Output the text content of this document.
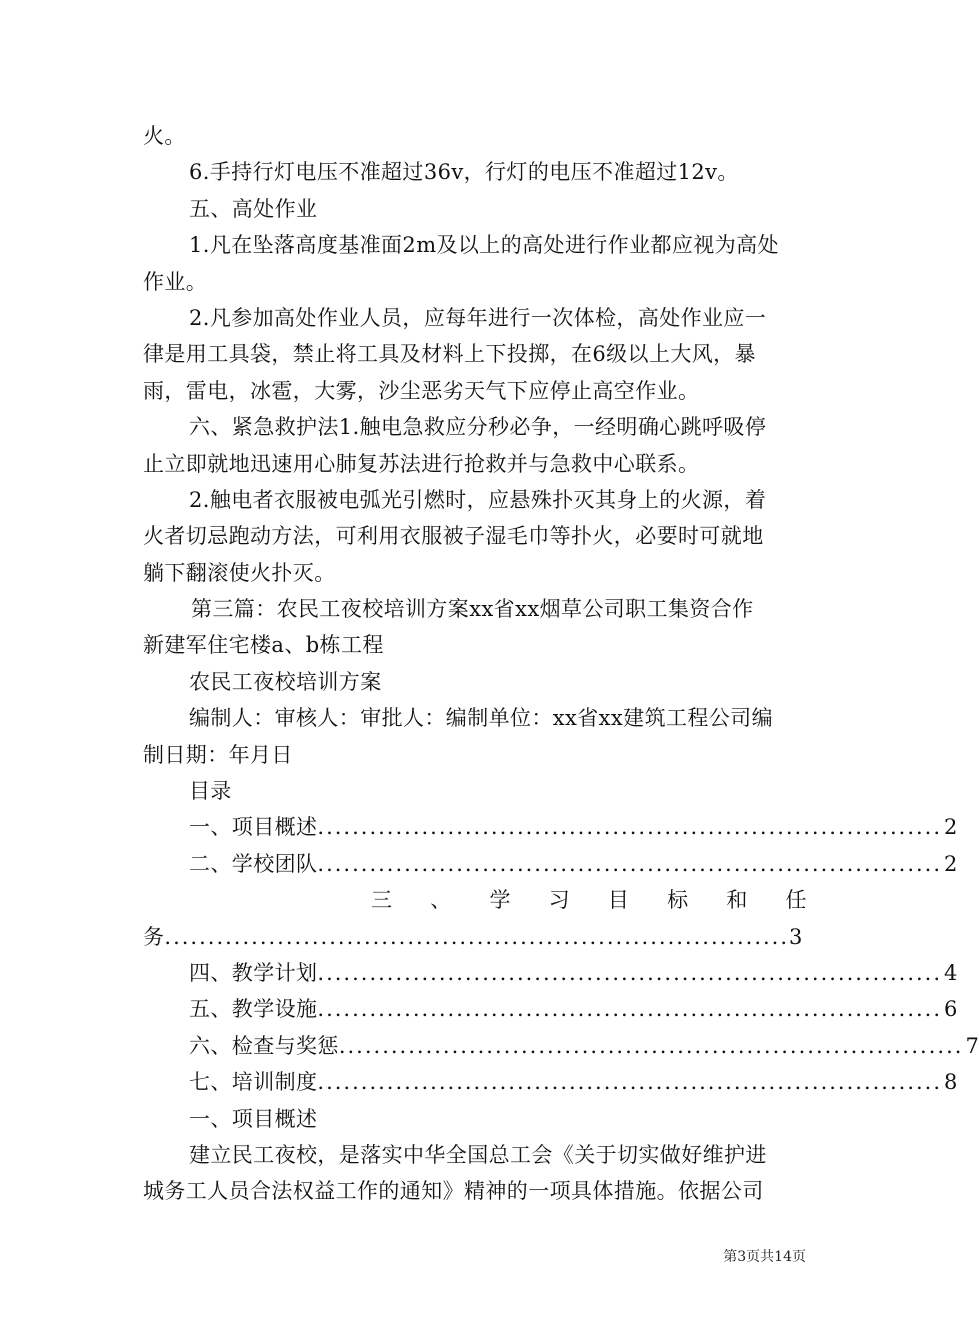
火。
6.手持行灯电压不准超过36v，行灯的电压不准超过12v。
五、高处作业
1.凡在坠落高度基准面2m及以上的高处进行作业都应视为高处
作业。
2.凡参加高处作业人员，应每年进行一次体检，高处作业应一
律是用工具袋，禁止将工具及材料上下投掷，在6级以上大风，暴
雨，雷电，冰雹，大雾，沙尘恶劣天气下应停止高空作业。
六、紧急救护法1.触电急救应分秒必争，一经明确心跳呼吸停
止立即就地迅速用心肺复苏法进行抢救并与急救中心联系。
2.触电者衣服被电弧光引燃时，应悬殊扑灭其身上的火源，着
火者切忌跑动方法，可利用衣服被子湿毛巾等扑火，必要时可就地
躺下翻滚使火扑灭。
第三篇：农民工夜校培训方案xx省xx烟草公司职工集资合作
新建军住宅楼a、b栋工程
农民工夜校培训方案
编制人：审核人：审批人：编制单位：xx省xx建筑工程公司编
制日期：年月日
目录
一、项目概述 ........................................................................ 2
二、学校团队 ........................................................................ 2
三 、 学 习 目 标 和 任
务 ........................................................................ 3
四、教学计划 ........................................................................ 4
五、教学设施 ........................................................................ 6
六、检查与奖惩 ........................................................................ 7
七、培训制度 ........................................................................ 8
一、项目概述
建立民工夜校，是落实中华全国总工会《关于切实做好维护进
城务工人员合法权益工作的通知》精神的一项具体措施。依据公司
第3页共14页
